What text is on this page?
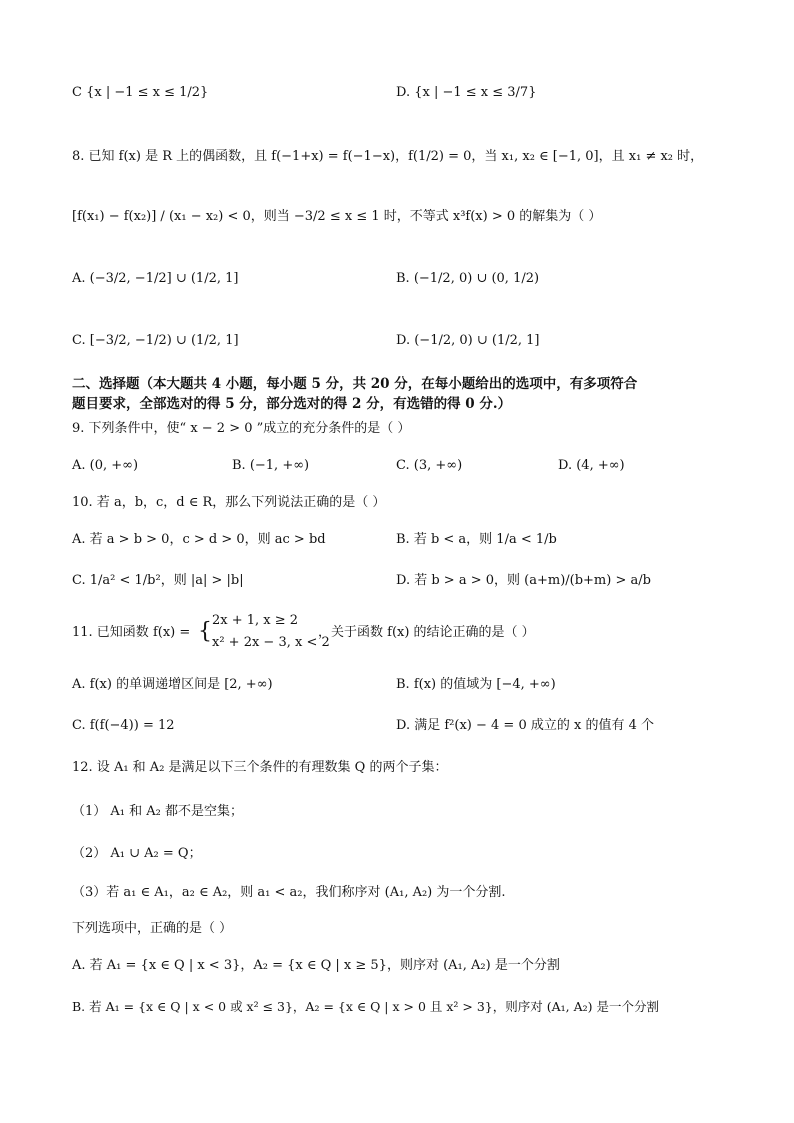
C {x | −1 ≤ x ≤ 1/2}	D. {x | −1 ≤ x ≤ 3/7}
8. 已知 f(x) 是 R 上的偶函数，且 f(−1+x) = f(−1−x)，f(1/2) = 0，当 x₁, x₂ ∈ [−1, 0]，且 x₁ ≠ x₂ 时，
[f(x₁) − f(x₂)] / (x₁ − x₂) < 0，则当 −3/2 ≤ x ≤ 1 时，不等式 x³f(x) > 0 的解集为（ ）
A. (−3/2, −1/2] ∪ (1/2, 1]	B. (−1/2, 0) ∪ (0, 1/2)
C. [−3/2, −1/2) ∪ (1/2, 1]	D. (−1/2, 0) ∪ (1/2, 1]
二、选择题（本大题共 4 小题，每小题 5 分，共 20 分，在每小题给出的选项中，有多项符合
题目要求，全部选对的得 5 分，部分选对的得 2 分，有选错的得 0 分.）
9. 下列条件中，使“ x − 2 > 0 ”成立的充分条件的是（ ）
A. (0, +∞)	B. (−1, +∞)	C. (3, +∞)	D. (4, +∞)
10. 若 a，b，c，d ∈ R，那么下列说法正确的是（ ）
A. 若 a > b > 0，c > d > 0，则 ac > bd	B. 若 b < a，则 1/a < 1/b
C. 1/a² < 1/b²，则 |a| > |b|	D. 若 b > a > 0，则 (a+m)/(b+m) > a/b
11. 已知函数 f(x) = { 2x + 1, x ≥ 2
x² + 2x − 3, x < 2
，关于函数 f(x) 的结论正确的是（ ）
A. f(x) 的单调递增区间是 [2, +∞)	B. f(x) 的值域为 [−4, +∞)
C. f(f(−4)) = 12	D. 满足 f²(x) − 4 = 0 成立的 x 的值有 4 个
12. 设 A₁ 和 A₂ 是满足以下三个条件的有理数集 Q 的两个子集：
（1） A₁ 和 A₂ 都不是空集；
（2） A₁ ∪ A₂ = Q；
（3）若 a₁ ∈ A₁，a₂ ∈ A₂，则 a₁ < a₂，我们称序对 (A₁, A₂) 为一个分割.
下列选项中，正确的是（ ）
A. 若 A₁ = {x ∈ Q | x < 3}，A₂ = {x ∈ Q | x ≥ 5}，则序对 (A₁, A₂) 是一个分割
B. 若 A₁ = {x ∈ Q | x < 0 或 x² ≤ 3}，A₂ = {x ∈ Q | x > 0 且 x² > 3}，则序对 (A₁, A₂) 是一个分割
